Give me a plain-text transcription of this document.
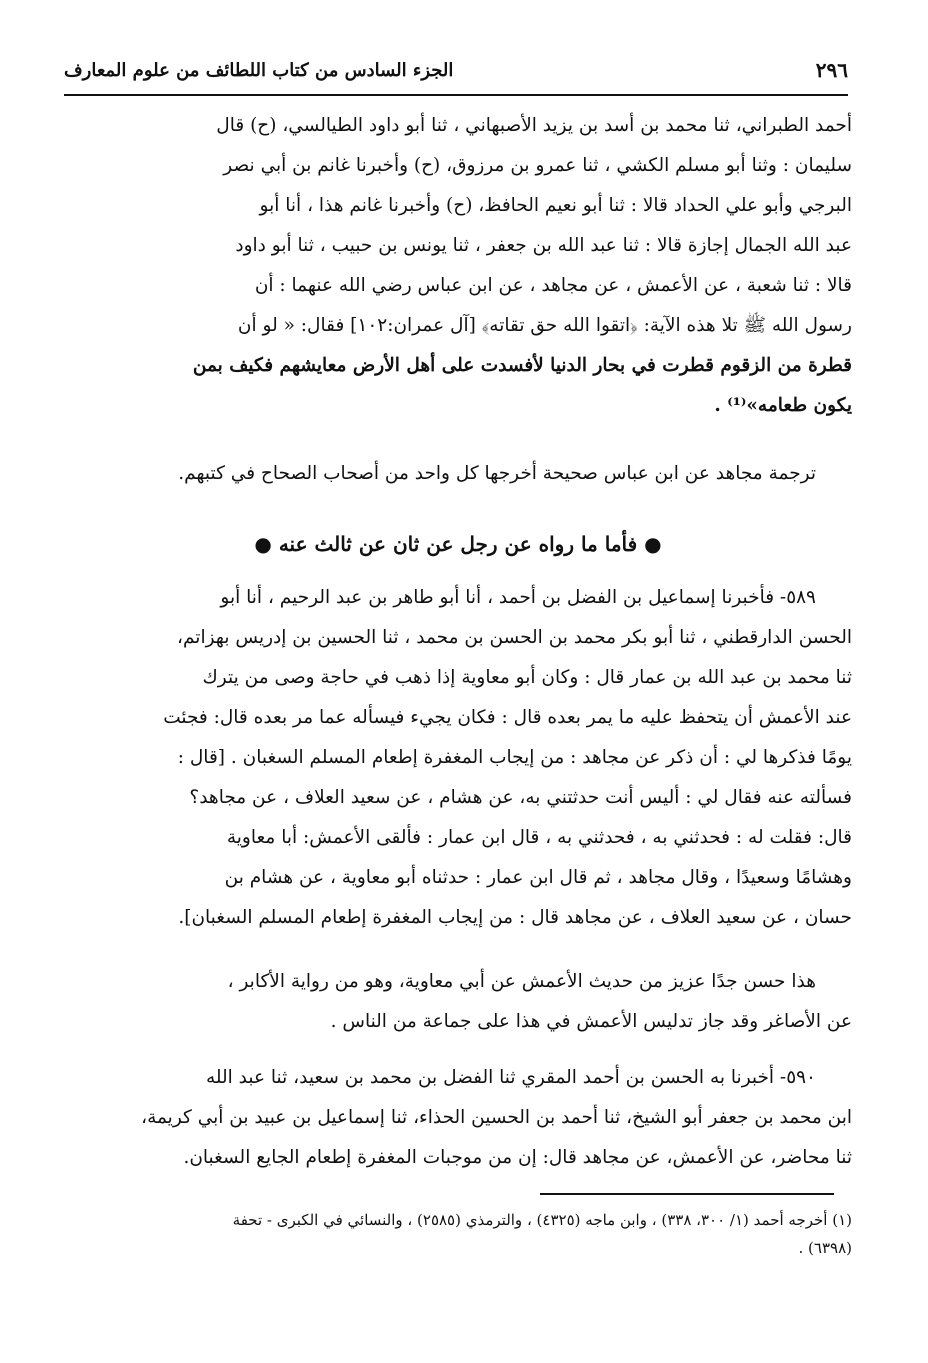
٢٩٦
الجزء السادس من كتاب اللطائف من علوم المعارف
أحمد الطبراني، ثنا محمد بن أسد بن يزيد الأصبهاني ، ثنا أبو داود الطيالسي، (ح) قال
سليمان : وثنا أبو مسلم الكشي ، ثنا عمرو بن مرزوق، (ح) وأخبرنا غانم بن أبي نصر
البرجي وأبو علي الحداد قالا : ثنا أبو نعيم الحافظ، (ح) وأخبرنا غانم هذا ، أنا أبو
عبد الله الجمال إجازة قالا : ثنا عبد الله بن جعفر ، ثنا يونس بن حبيب ، ثنا أبو داود
قالا : ثنا شعبة ، عن الأعمش ، عن مجاهد ، عن ابن عباس رضي الله عنهما : أن
رسول الله ﷺ تلا هذه الآية: ﴿اتقوا الله حق تقاته﴾ [آل عمران:١٠٢] فقال: « لو أن
قطرة من الزقوم قطرت في بحار الدنيا لأفسدت على أهل الأرض معايشهم فكيف بمن
يكون طعامه»⁽¹⁾ .
ترجمة مجاهد عن ابن عباس صحيحة أخرجها كل واحد من أصحاب الصحاح في كتبهم.
● فأما ما رواه عن رجل عن ثان عن ثالث عنه ●
٥٨٩- فأخبرنا إسماعيل بن الفضل بن أحمد ، أنا أبو طاهر بن عبد الرحيم ، أنا أبو
الحسن الدارقطني ، ثنا أبو بكر محمد بن الحسن بن محمد ، ثنا الحسين بن إدريس بهزاتم،
ثنا محمد بن عبد الله بن عمار قال : وكان أبو معاوية إذا ذهب في حاجة وصى من يترك
عند الأعمش أن يتحفظ عليه ما يمر بعده قال : فكان يجيء فيسأله عما مر بعده قال: فجئت
يومًا فذكرها لي : أن ذكر عن مجاهد : من إيجاب المغفرة إطعام المسلم السغبان . [قال :
فسألته عنه فقال لي : أليس أنت حدثتني به، عن هشام ، عن سعيد العلاف ، عن مجاهد؟
قال: فقلت له : فحدثني به ، فحدثني به ، قال ابن عمار : فألقى الأعمش: أبا معاوية
وهشامًا وسعيدًا ، وقال مجاهد ، ثم قال ابن عمار : حدثناه أبو معاوية ، عن هشام بن
حسان ، عن سعيد العلاف ، عن مجاهد قال : من إيجاب المغفرة إطعام المسلم السغبان].
هذا حسن جدًا عزيز من حديث الأعمش عن أبي معاوية، وهو من رواية الأكابر ،
عن الأصاغر وقد جاز تدليس الأعمش في هذا على جماعة من الناس .
٥٩٠- أخبرنا به الحسن بن أحمد المقري ثنا الفضل بن محمد بن سعيد، ثنا عبد الله
ابن محمد بن جعفر أبو الشيخ، ثنا أحمد بن الحسين الحذاء، ثنا إسماعيل بن عبيد بن أبي كريمة،
ثنا محاضر، عن الأعمش، عن مجاهد قال: إن من موجبات المغفرة إطعام الجايع السغبان.
(١) أخرجه أحمد (١/ ٣٠٠، ٣٣٨) ، وابن ماجه (٤٣٢٥) ، والترمذي (٢٥٨٥) ، والنسائي في الكبرى - تحفة
(٦٣٩٨) .
